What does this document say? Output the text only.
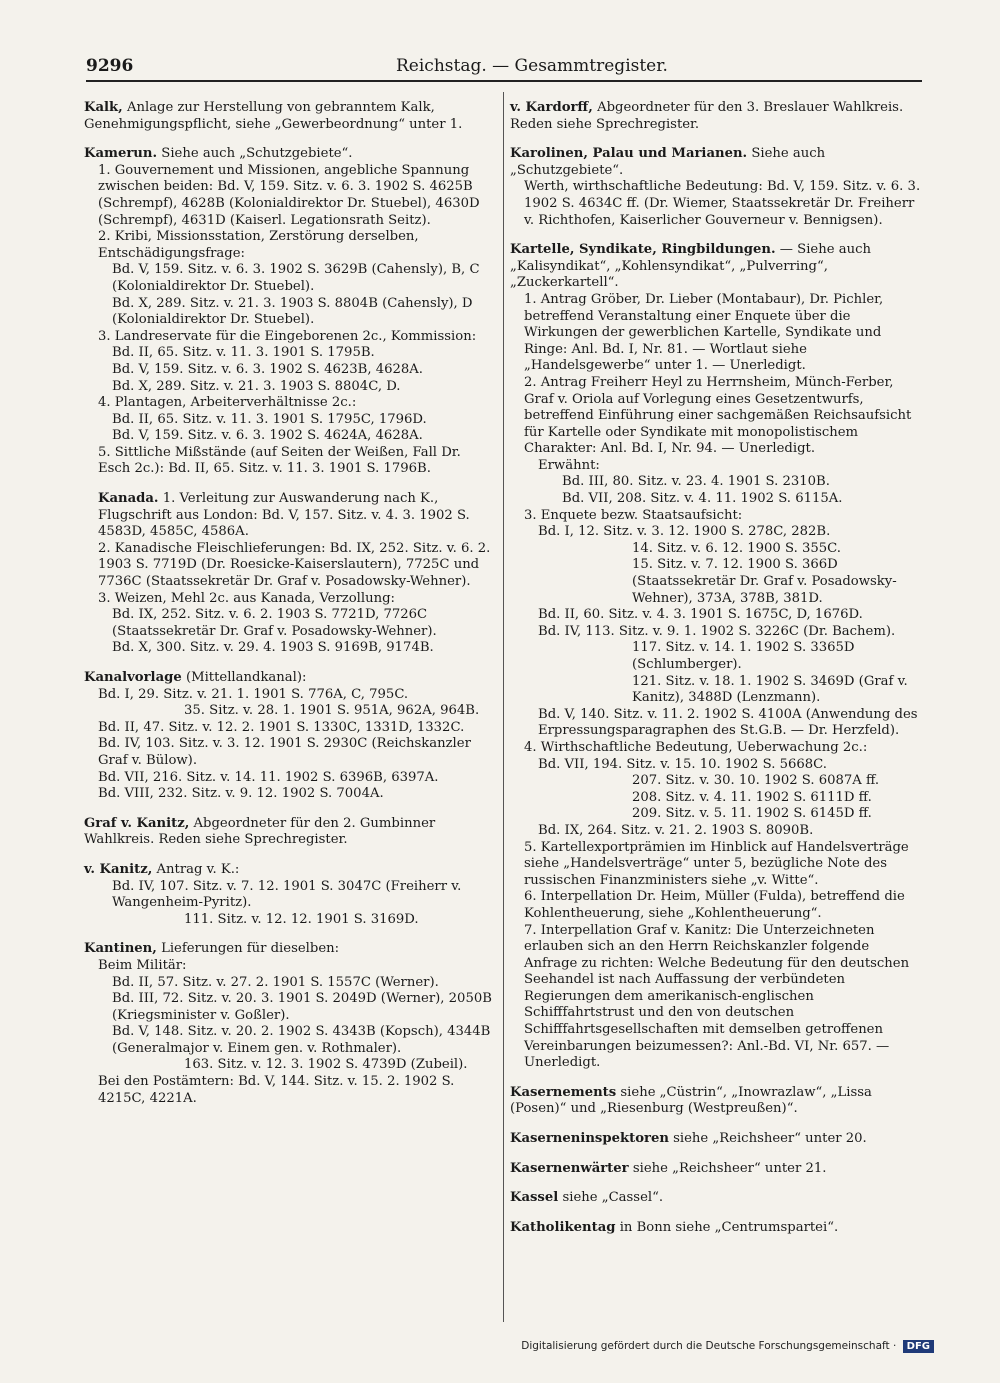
9296	Reichstag. — Gesammtregister.
Kalk, Anlage zur Herstellung von gebranntem Kalk, Genehmigungspflicht, siehe „Gewerbeordnung“ unter 1.
Kamerun. Siehe auch „Schutzgebiete“.
1. Gouvernement und Missionen, angebliche Spannung zwischen beiden: Bd. V, 159. Sitz. v. 6. 3. 1902 S. 4625B (Schrempf), 4628B (Kolonialdirektor Dr. Stuebel), 4630D (Schrempf), 4631D (Kaiserl. Legationsrath Seitz).
2. Kribi, Missionsstation, Zerstörung derselben, Entschädigungsfrage:
Bd. V, 159. Sitz. v. 6. 3. 1902 S. 3629B (Cahensly), B, C (Kolonialdirektor Dr. Stuebel).
Bd. X, 289. Sitz. v. 21. 3. 1903 S. 8804B (Cahensly), D (Kolonialdirektor Dr. Stuebel).
3. Landreservate für die Eingeborenen 2c., Kommission:
Bd. II, 65. Sitz. v. 11. 3. 1901 S. 1795B.
Bd. V, 159. Sitz. v. 6. 3. 1902 S. 4623B, 4628A.
Bd. X, 289. Sitz. v. 21. 3. 1903 S. 8804C, D.
4. Plantagen, Arbeiterverhältnisse 2c.:
Bd. II, 65. Sitz. v. 11. 3. 1901 S. 1795C, 1796D.
Bd. V, 159. Sitz. v. 6. 3. 1902 S. 4624A, 4628A.
5. Sittliche Mißstände (auf Seiten der Weißen, Fall Dr. Esch 2c.): Bd. II, 65. Sitz. v. 11. 3. 1901 S. 1796B.
Kanada. 1. Verleitung zur Auswanderung nach K., Flugschrift aus London: Bd. V, 157. Sitz. v. 4. 3. 1902 S. 4583D, 4585C, 4586A.
2. Kanadische Fleischlieferungen: Bd. IX, 252. Sitz. v. 6. 2. 1903 S. 7719D (Dr. Roesicke-Kaiserslautern), 7725C und 7736C (Staatssekretär Dr. Graf v. Posadowsky-Wehner).
3. Weizen, Mehl 2c. aus Kanada, Verzollung:
Bd. IX, 252. Sitz. v. 6. 2. 1903 S. 7721D, 7726C (Staatssekretär Dr. Graf v. Posadowsky-Wehner).
Bd. X, 300. Sitz. v. 29. 4. 1903 S. 9169B, 9174B.
Kanalvorlage (Mittellandkanal):
Bd. I, 29. Sitz. v. 21. 1. 1901 S. 776A, C, 795C.
35. Sitz. v. 28. 1. 1901 S. 951A, 962A, 964B.
Bd. II, 47. Sitz. v. 12. 2. 1901 S. 1330C, 1331D, 1332C.
Bd. IV, 103. Sitz. v. 3. 12. 1901 S. 2930C (Reichskanzler Graf v. Bülow).
Bd. VII, 216. Sitz. v. 14. 11. 1902 S. 6396B, 6397A.
Bd. VIII, 232. Sitz. v. 9. 12. 1902 S. 7004A.
Graf v. Kanitz, Abgeordneter für den 2. Gumbinner Wahlkreis. Reden siehe Sprechregister.
v. Kanitz, Antrag v. K.:
Bd. IV, 107. Sitz. v. 7. 12. 1901 S. 3047C (Freiherr v. Wangenheim-Pyritz).
111. Sitz. v. 12. 12. 1901 S. 3169D.
Kantinen, Lieferungen für dieselben:
Beim Militär:
Bd. II, 57. Sitz. v. 27. 2. 1901 S. 1557C (Werner).
Bd. III, 72. Sitz. v. 20. 3. 1901 S. 2049D (Werner), 2050B (Kriegsminister v. Goßler).
Bd. V, 148. Sitz. v. 20. 2. 1902 S. 4343B (Kopsch), 4344B (Generalmajor v. Einem gen. v. Rothmaler).
163. Sitz. v. 12. 3. 1902 S. 4739D (Zubeil).
Bei den Postämtern: Bd. V, 144. Sitz. v. 15. 2. 1902 S. 4215C, 4221A.
v. Kardorff, Abgeordneter für den 3. Breslauer Wahlkreis. Reden siehe Sprechregister.
Karolinen, Palau und Marianen. Siehe auch „Schutzgebiete“.
Werth, wirthschaftliche Bedeutung: Bd. V, 159. Sitz. v. 6. 3. 1902 S. 4634C ff. (Dr. Wiemer, Staatssekretär Dr. Freiherr v. Richthofen, Kaiserlicher Gouverneur v. Bennigsen).
Kartelle, Syndikate, Ringbildungen. — Siehe auch „Kalisyndikat“, „Kohlensyndikat“, „Pulverring“, „Zuckerkartell“.
1. Antrag Gröber, Dr. Lieber (Montabaur), Dr. Pichler, betreffend Veranstaltung einer Enquete über die Wirkungen der gewerblichen Kartelle, Syndikate und Ringe: Anl. Bd. I, Nr. 81. — Wortlaut siehe „Handelsgewerbe“ unter 1. — Unerledigt.
2. Antrag Freiherr Heyl zu Herrnsheim, Münch-Ferber, Graf v. Oriola auf Vorlegung eines Gesetzentwurfs, betreffend Einführung einer sachgemäßen Reichsaufsicht für Kartelle oder Syndikate mit monopolistischem Charakter: Anl. Bd. I, Nr. 94. — Unerledigt.
Erwähnt:
Bd. III, 80. Sitz. v. 23. 4. 1901 S. 2310B.
Bd. VII, 208. Sitz. v. 4. 11. 1902 S. 6115A.
3. Enquete bezw. Staatsaufsicht:
Bd. I, 12. Sitz. v. 3. 12. 1900 S. 278C, 282B.
14. Sitz. v. 6. 12. 1900 S. 355C.
15. Sitz. v. 7. 12. 1900 S. 366D (Staatssekretär Dr. Graf v. Posadowsky-Wehner), 373A, 378B, 381D.
Bd. II, 60. Sitz. v. 4. 3. 1901 S. 1675C, D, 1676D.
Bd. IV, 113. Sitz. v. 9. 1. 1902 S. 3226C (Dr. Bachem).
117. Sitz. v. 14. 1. 1902 S. 3365D (Schlumberger).
121. Sitz. v. 18. 1. 1902 S. 3469D (Graf v. Kanitz), 3488D (Lenzmann).
Bd. V, 140. Sitz. v. 11. 2. 1902 S. 4100A (Anwendung des Erpressungsparagraphen des St.G.B. — Dr. Herzfeld).
4. Wirthschaftliche Bedeutung, Ueberwachung 2c.:
Bd. VII, 194. Sitz. v. 15. 10. 1902 S. 5668C.
207. Sitz. v. 30. 10. 1902 S. 6087A ff.
208. Sitz. v. 4. 11. 1902 S. 6111D ff.
209. Sitz. v. 5. 11. 1902 S. 6145D ff.
Bd. IX, 264. Sitz. v. 21. 2. 1903 S. 8090B.
5. Kartellexportprämien im Hinblick auf Handelsverträge siehe „Handelsverträge“ unter 5, bezügliche Note des russischen Finanzministers siehe „v. Witte“.
6. Interpellation Dr. Heim, Müller (Fulda), betreffend die Kohlentheuerung, siehe „Kohlentheuerung“.
7. Interpellation Graf v. Kanitz: Die Unterzeichneten erlauben sich an den Herrn Reichskanzler folgende Anfrage zu richten: Welche Bedeutung für den deutschen Seehandel ist nach Auffassung der verbündeten Regierungen dem amerikanisch-englischen Schifffahrtstrust und den von deutschen Schifffahrtsgesellschaften mit demselben getroffenen Vereinbarungen beizumessen?: Anl.-Bd. VI, Nr. 657. — Unerledigt.
Kasernements siehe „Cüstrin“, „Inowrazlaw“, „Lissa (Posen)“ und „Riesenburg (Westpreußen)“.
Kaserneninspektoren siehe „Reichsheer“ unter 20.
Kasernenwärter siehe „Reichsheer“ unter 21.
Kassel siehe „Cassel“.
Katholikentag in Bonn siehe „Centrumspartei“.
Digitalisierung gefördert durch die Deutsche Forschungsgemeinschaft · DFG
